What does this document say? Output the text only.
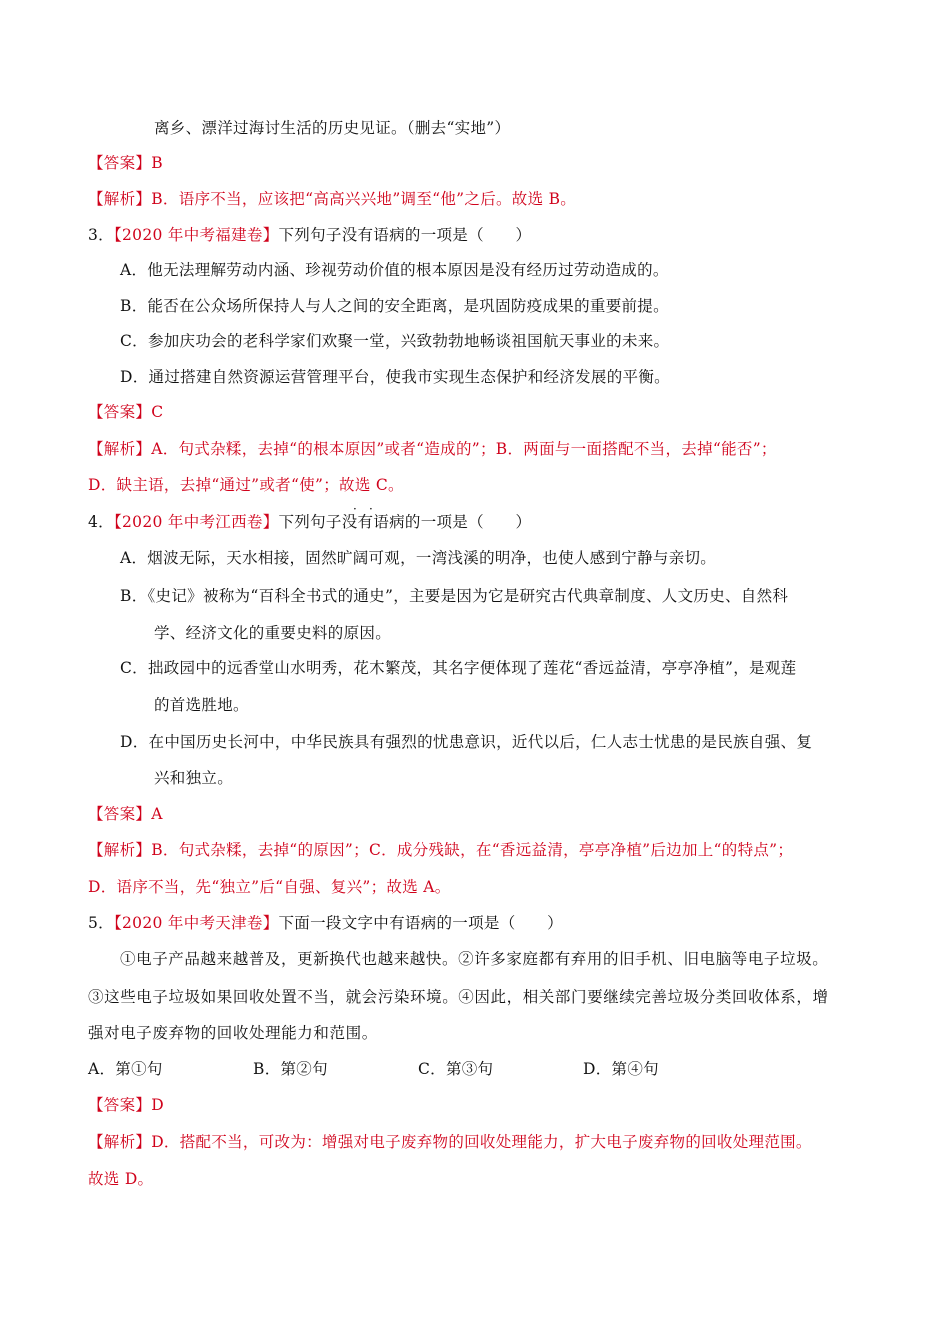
离乡、漂洋过海讨生活的历史见证。（删去“实地”）
【答案】B
【解析】B．语序不当，应该把“高高兴兴地”调至“他”之后。故选 B。
3．【2020 年中考福建卷】下列句子没有语病的一项是（　　）
A．他无法理解劳动内涵、珍视劳动价值的根本原因是没有经历过劳动造成的。
B．能否在公众场所保持人与人之间的安全距离，是巩固防疫成果的重要前提。
C．参加庆功会的老科学家们欢聚一堂，兴致勃勃地畅谈祖国航天事业的未来。
D．通过搭建自然资源运营管理平台，使我市实现生态保护和经济发展的平衡。
【答案】C
【解析】A．句式杂糅，去掉“的根本原因”或者“造成的”；B．两面与一面搭配不当，去掉“能否”；
D．缺主语，去掉“通过”或者“使”；故选 C。
· ·
4．【2020 年中考江西卷】下列句子没有语病的一项是（　　）
A．烟波无际，天水相接，固然旷阔可观，一湾浅溪的明净，也使人感到宁静与亲切。
B．《史记》被称为“百科全书式的通史”，主要是因为它是研究古代典章制度、人文历史、自然科
学、经济文化的重要史料的原因。
C．拙政园中的远香堂山水明秀，花木繁茂，其名字便体现了莲花“香远益清，亭亭净植”，是观莲
的首选胜地。
D．在中国历史长河中，中华民族具有强烈的忧患意识，近代以后，仁人志士忧患的是民族自强、复
兴和独立。
【答案】A
【解析】B．句式杂糅，去掉“的原因”；C．成分残缺，在“香远益清，亭亭净植”后边加上“的特点”；
D．语序不当，先“独立”后“自强、复兴”；故选 A。
5．【2020 年中考天津卷】下面一段文字中有语病的一项是（　　）
①电子产品越来越普及，更新换代也越来越快。②许多家庭都有弃用的旧手机、旧电脑等电子垃圾。
③这些电子垃圾如果回收处置不当，就会污染环境。④因此，相关部门要继续完善垃圾分类回收体系，增
强对电子废弃物的回收处理能力和范围。
A．第①句	B．第②句	C．第③句	D．第④句
【答案】D
【解析】D．搭配不当，可改为：增强对电子废弃物的回收处理能力，扩大电子废弃物的回收处理范围。
故选 D。
